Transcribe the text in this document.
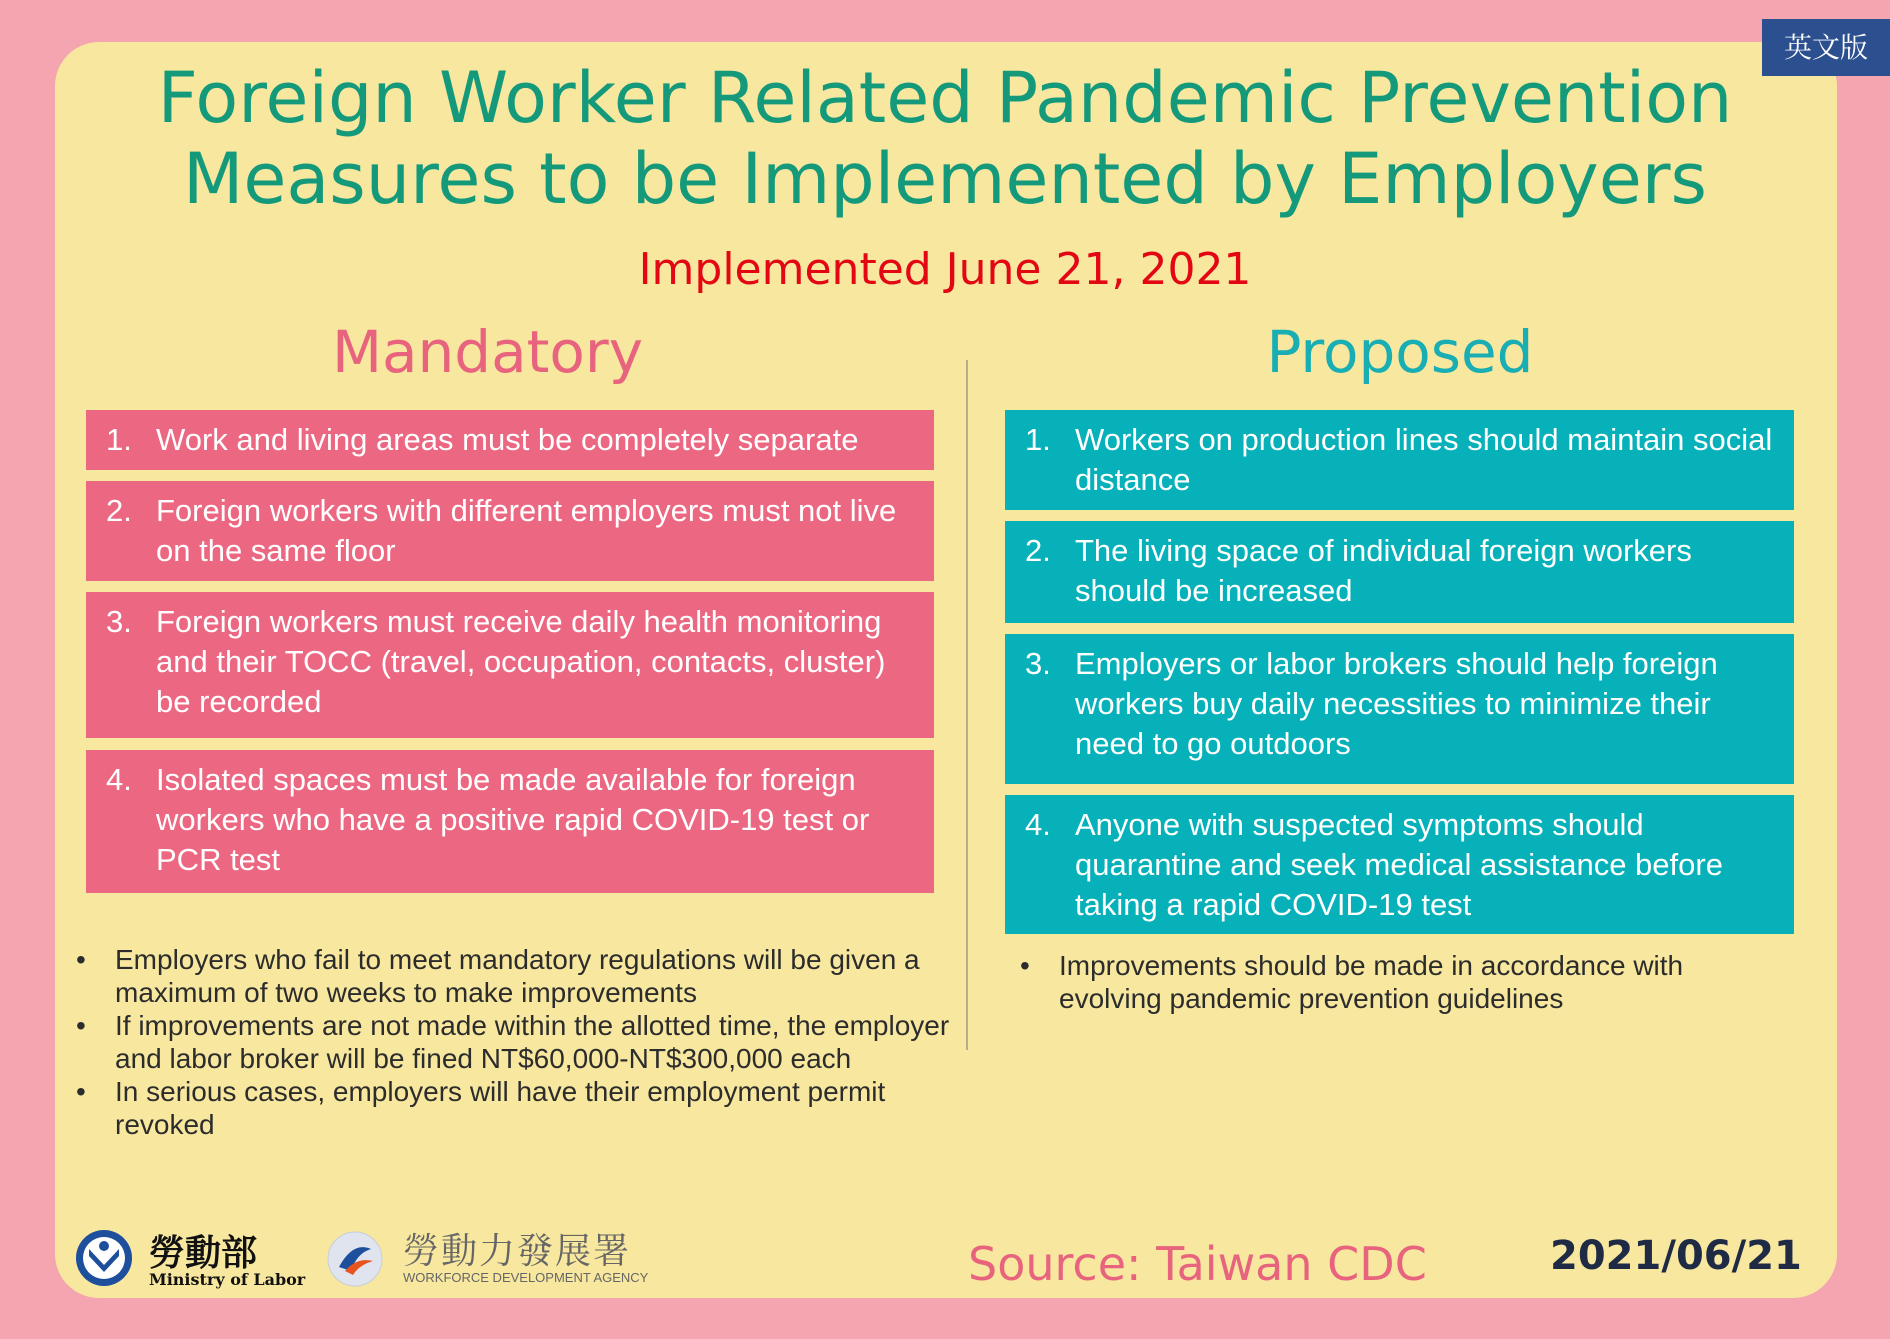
英文版
Foreign Worker Related Pandemic Prevention
Measures to be Implemented by Employers
Implemented June 21, 2021
Mandatory	Proposed
1. Work and living areas must be completely separate
2. Foreign workers with different employers must not live on the same floor
3. Foreign workers must receive daily health monitoring and their TOCC (travel, occupation, contacts, cluster) be recorded
4. Isolated spaces must be made available for foreign workers who have a positive rapid COVID-19 test or PCR test
1. Workers on production lines should maintain social distance
2. The living space of individual foreign workers should be increased
3. Employers or labor brokers should help foreign workers buy daily necessities to minimize their need to go outdoors
4. Anyone with suspected symptoms should quarantine and seek medical assistance before taking a rapid COVID-19 test
• Employers who fail to meet mandatory regulations will be given a maximum of two weeks to make improvements
• If improvements are not made within the allotted time, the employer and labor broker will be fined NT$60,000-NT$300,000 each
• In serious cases, employers will have their employment permit revoked
• Improvements should be made in accordance with evolving pandemic prevention guidelines
勞動部
Ministry of Labor
勞動力發展署
WORKFORCE DEVELOPMENT AGENCY	Source: Taiwan CDC	2021/06/21
